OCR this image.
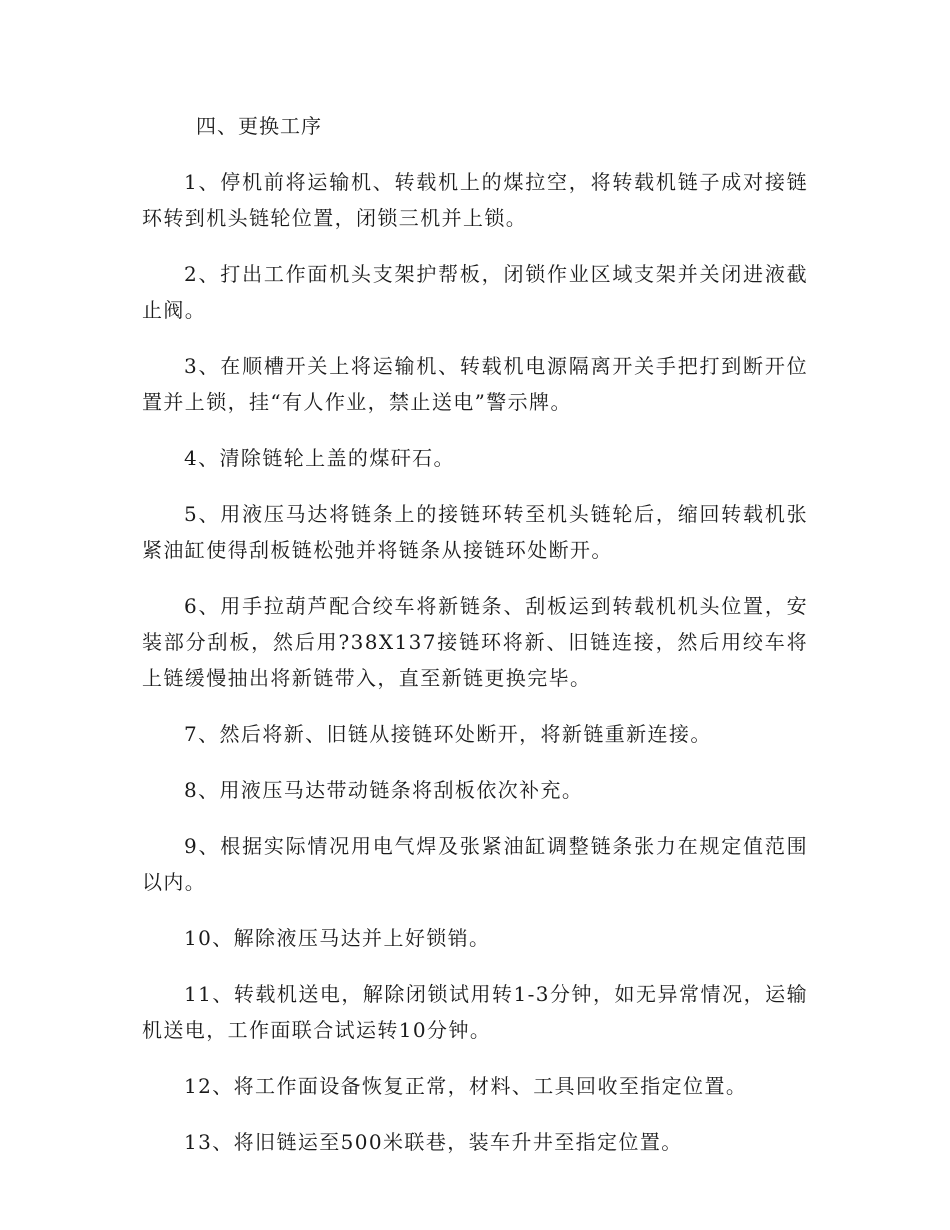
四、更换工序

1、停机前将运输机、转载机上的煤拉空，将转载机链子成对接链环转到机头链轮位置，闭锁三机并上锁。

2、打出工作面机头支架护帮板，闭锁作业区域支架并关闭进液截止阀。

3、在顺槽开关上将运输机、转载机电源隔离开关手把打到断开位置并上锁，挂“有人作业，禁止送电”警示牌。

4、清除链轮上盖的煤矸石。

5、用液压马达将链条上的接链环转至机头链轮后，缩回转载机张紧油缸使得刮板链松弛并将链条从接链环处断开。

6、用手拉葫芦配合绞车将新链条、刮板运到转载机机头位置，安装部分刮板，然后用?38X137接链环将新、旧链连接，然后用绞车将上链缓慢抽出将新链带入，直至新链更换完毕。

7、然后将新、旧链从接链环处断开，将新链重新连接。

8、用液压马达带动链条将刮板依次补充。

9、根据实际情况用电气焊及张紧油缸调整链条张力在规定值范围以内。

10、解除液压马达并上好锁销。

11、转载机送电，解除闭锁试用转1-3分钟，如无异常情况，运输机送电，工作面联合试运转10分钟。

12、将工作面设备恢复正常，材料、工具回收至指定位置。

13、将旧链运至500米联巷，装车升井至指定位置。
